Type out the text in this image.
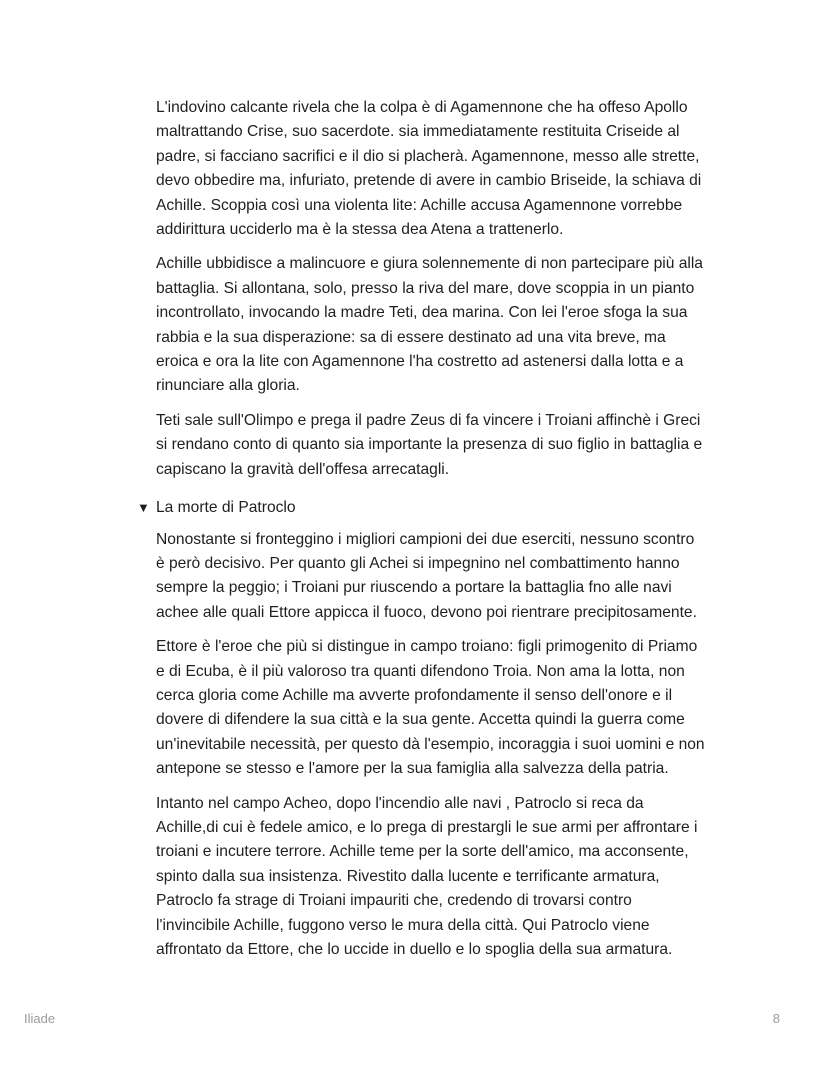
L'indovino calcante rivela che la colpa è di Agamennone che ha offeso Apollo
maltrattando Crise, suo sacerdote. sia immediatamente restituita Criseide al
padre, si facciano sacrifici e il dio si placherà. Agamennone, messo alle strette,
devo obbedire ma, infuriato, pretende di avere in cambio Briseide, la schiava di
Achille. Scoppia così una violenta lite: Achille accusa Agamennone vorrebbe
addirittura ucciderlo ma è la stessa dea Atena a trattenerlo.

Achille ubbidisce a malincuore e giura solennemente di non partecipare più alla
battaglia. Si allontana, solo, presso la riva del mare, dove scoppia in un pianto
incontrollato, invocando la madre Teti, dea marina. Con lei l'eroe sfoga la sua
rabbia e la sua disperazione: sa di essere destinato ad una vita breve, ma
eroica e ora la lite con Agamennone l'ha costretto ad astenersi dalla lotta e a
rinunciare alla gloria.

Teti sale sull'Olimpo e prega il padre Zeus di fa vincere i Troiani affinchè i Greci
si rendano conto di quanto sia importante la presenza di suo figlio in battaglia e
capiscano la gravità dell'offesa arrecatagli.

▼ La morte di Patroclo

Nonostante si fronteggino i migliori campioni dei due eserciti, nessuno scontro
è però decisivo. Per quanto gli Achei si impegnino nel combattimento hanno
sempre la peggio; i Troiani pur riuscendo a portare la battaglia fno alle navi
achee alle quali Ettore appicca il fuoco, devono poi rientrare precipitosamente.

Ettore è l'eroe che più si distingue in campo troiano: figli primogenito di Priamo
e di Ecuba, è il più valoroso tra quanti difendono Troia. Non ama la lotta, non
cerca gloria come Achille ma avverte profondamente il senso dell'onore e il
dovere di difendere la sua città e la sua gente. Accetta quindi la guerra come
un'inevitabile necessità, per questo dà l'esempio, incoraggia i suoi uomini e non
antepone se stesso e l'amore per la sua famiglia alla salvezza della patria.

Intanto nel campo Acheo, dopo l'incendio alle navi , Patroclo si reca da
Achille,di cui è fedele amico, e lo prega di prestargli le sue armi per affrontare i
troiani e incutere terrore. Achille teme per la sorte dell'amico, ma acconsente,
spinto dalla sua insistenza. Rivestito dalla lucente e terrificante armatura,
Patroclo fa strage di Troiani impauriti che, credendo di trovarsi contro
l'invincibile Achille, fuggono verso le mura della città. Qui Patroclo viene
affrontato da Ettore, che lo uccide in duello e lo spoglia della sua armatura.

Iliade	8
